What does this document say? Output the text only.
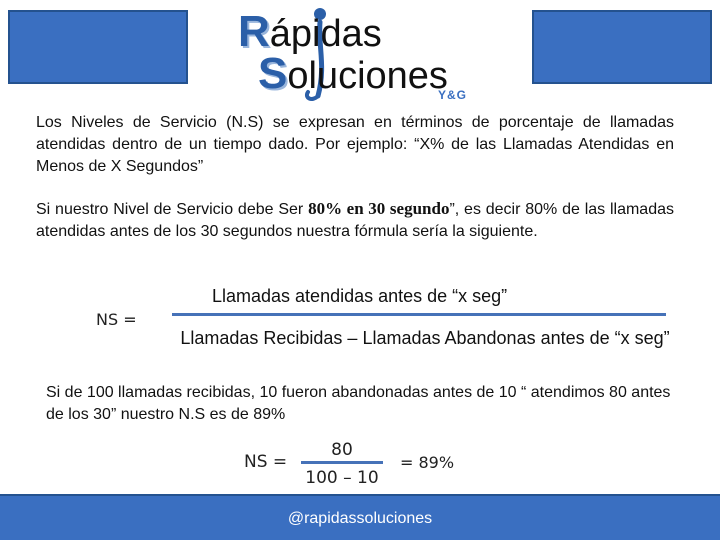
Rápidas
Soluciones
Y&G
Los Niveles de Servicio (N.S) se expresan en términos de porcentaje de llamadas atendidas dentro de un tiempo dado. Por ejemplo: “X% de las Llamadas Atendidas en Menos de X Segundos”
Si nuestro Nivel de Servicio debe Ser 80% en 30 segundo”, es decir 80% de las llamadas atendidas antes de los 30 segundos nuestra fórmula sería la siguiente.
NS =
Llamadas atendidas antes de “x seg”
Llamadas Recibidas – Llamadas Abandonas antes de “x seg”
Si de 100 llamadas recibidas, 10 fueron abandonadas antes de 10 “ atendimos 80 antes de los 30” nuestro N.S es de 89%
NS =
80
100 – 10
= 89%
@rapidassoluciones
